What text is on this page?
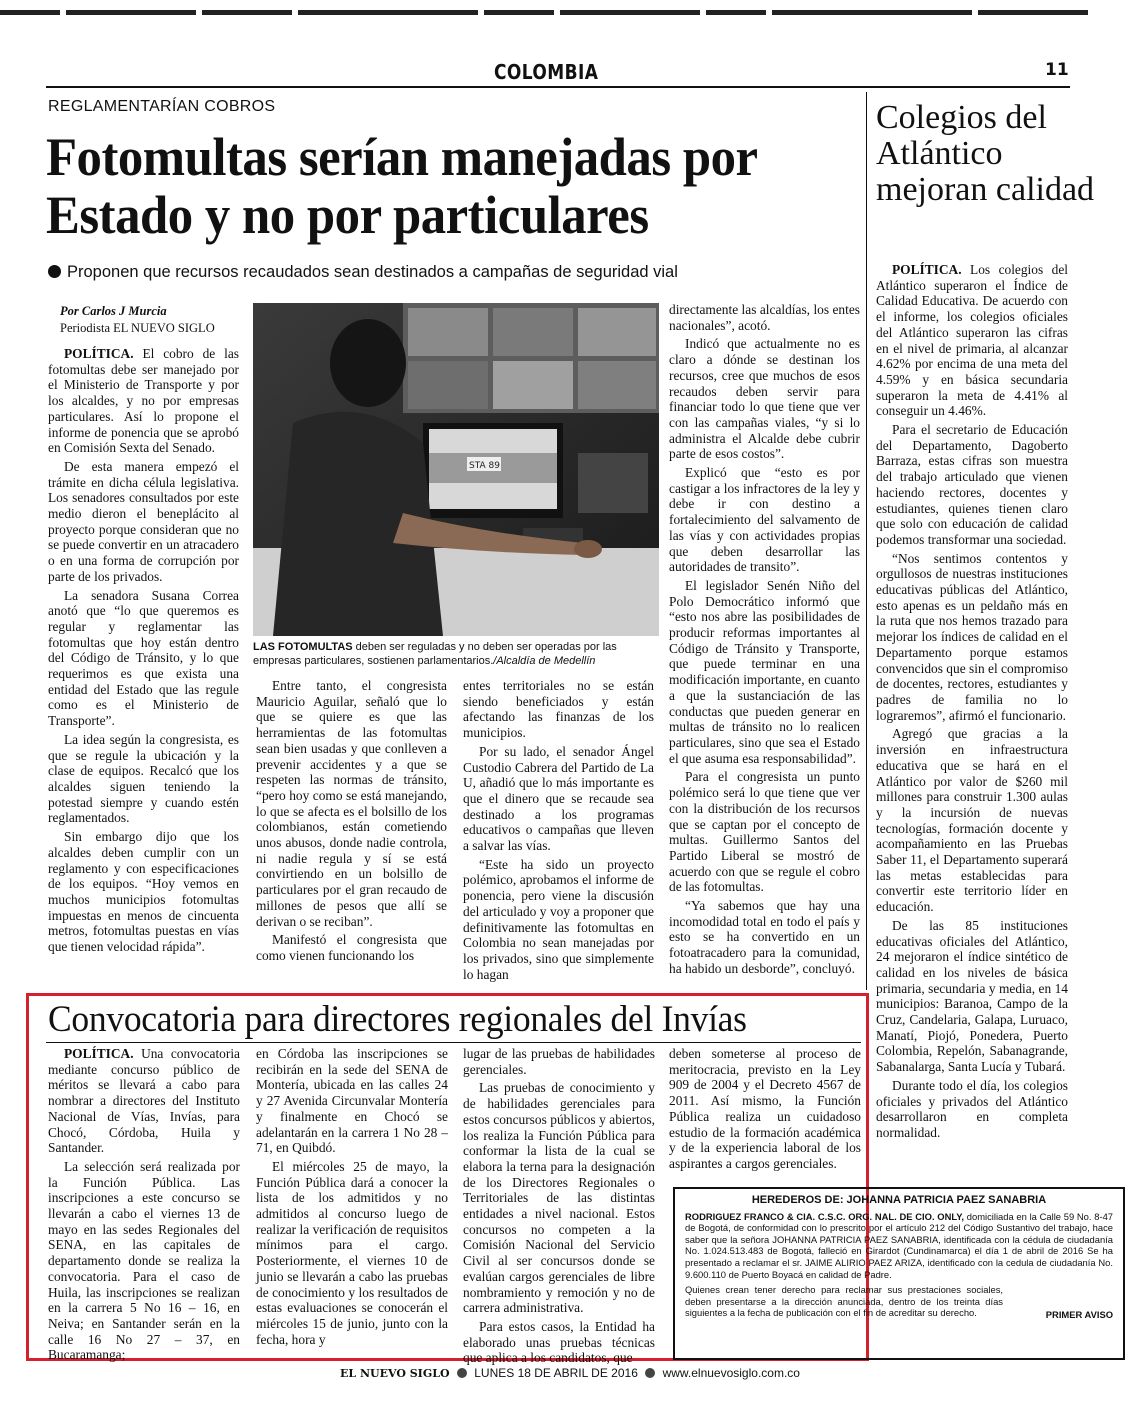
COLOMBIA	11
REGLAMENTARÍAN COBROS
Fotomultas serían manejadas por Estado y no por particulares
Proponen que recursos recaudados sean destinados a campañas de seguridad vial
Por Carlos J Murcia
Periodista EL NUEVO SIGLO

POLÍTICA. El cobro de las fotomultas debe ser manejado por el Ministerio de Transporte y por los alcaldes, y no por empresas particulares. Así lo propone el informe de ponencia que se aprobó en Comisión Sexta del Senado.

De esta manera empezó el trámite en dicha célula legislativa. Los senadores consultados por este medio dieron el beneplácito al proyecto porque consideran que no se puede convertir en un atracadero o en una forma de corrupción por parte de los privados.

La senadora Susana Correa anotó que “lo que queremos es regular y reglamentar las fotomultas que hoy están dentro del Código de Tránsito, y lo que requerimos es que exista una entidad del Estado que las regule como es el Ministerio de Transporte”.

La idea según la congresista, es que se regule la ubicación y la clase de equipos. Recalcó que los alcaldes siguen teniendo la potestad siempre y cuando estén reglamentados.

Sin embargo dijo que los alcaldes deben cumplir con un reglamento y con especificaciones de los equipos. “Hoy vemos en muchos municipios fotomultas impuestas en menos de cincuenta metros, fotomultas puestas en vías que tienen velocidad rápida”.

STA 89
LAS FOTOMULTAS deben ser reguladas y no deben ser operadas por las empresas particulares, sostienen parlamentarios./Alcaldía de Medellín

Entre tanto, el congresista Mauricio Aguilar, señaló que lo que se quiere es que las herramientas de las fotomultas sean bien usadas y que conlleven a prevenir accidentes y a que se respeten las normas de tránsito, “pero hoy como se está manejando, lo que se afecta es el bolsillo de los colombianos, están cometiendo unos abusos, donde nadie controla, ni nadie regula y sí se está convirtiendo en un bolsillo de particulares por el gran recaudo de millones de pesos que allí se derivan o se reciban”.

Manifestó el congresista que como vienen funcionando los

entes territoriales no se están siendo beneficiados y están afectando las finanzas de los municipios.

Por su lado, el senador Ángel Custodio Cabrera del Partido de La U, añadió que lo más importante es que el dinero que se recaude sea destinado a los programas educativos o campañas que lleven a salvar las vías.

“Este ha sido un proyecto polémico, aprobamos el informe de ponencia, pero viene la discusión del articulado y voy a proponer que definitivamente las fotomultas en Colombia no sean manejadas por los privados, sino que simplemente lo hagan

directamente las alcaldías, los entes nacionales”, acotó.

Indicó que actualmente no es claro a dónde se destinan los recursos, cree que muchos de esos recaudos deben servir para financiar todo lo que tiene que ver con las campañas viales, “y si lo administra el Alcalde debe cubrir parte de esos costos”.

Explicó que “esto es por castigar a los infractores de la ley y debe ir con destino a fortalecimiento del salvamento de las vías y con actividades propias que deben desarrollar las autoridades de transito”.

El legislador Senén Niño del Polo Democrático informó que “esto nos abre las posibilidades de producir reformas importantes al Código de Tránsito y Transporte, que puede terminar en una modificación importante, en cuanto a que la sustanciación de las conductas que pueden generar en multas de tránsito no lo realicen particulares, sino que sea el Estado el que asuma esa responsabilidad”.

Para el congresista un punto polémico será lo que tiene que ver con la distribución de los recursos que se captan por el concepto de multas. Guillermo Santos del Partido Liberal se mostró de acuerdo con que se regule el cobro de las fotomultas.

“Ya sabemos que hay una incomodidad total en todo el país y esto se ha convertido en un fotoatracadero para la comunidad, ha habido un desborde”, concluyó.

Colegios del Atlántico mejoran calidad

POLÍTICA. Los colegios del Atlántico superaron el Índice de Calidad Educativa. De acuerdo con el informe, los colegios oficiales del Atlántico superaron las cifras en el nivel de primaria, al alcanzar 4.62% por encima de una meta del 4.59% y en básica secundaria superaron la meta de 4.41% al conseguir un 4.46%.

Para el secretario de Educación del Departamento, Dagoberto Barraza, estas cifras son muestra del trabajo articulado que vienen haciendo rectores, docentes y estudiantes, quienes tienen claro que solo con educación de calidad podemos transformar una sociedad.

“Nos sentimos contentos y orgullosos de nuestras instituciones educativas públicas del Atlántico, esto apenas es un peldaño más en la ruta que nos hemos trazado para mejorar los índices de calidad en el Departamento porque estamos convencidos que sin el compromiso de docentes, rectores, estudiantes y padres de familia no lo lograremos”, afirmó el funcionario.

Agregó que gracias a la inversión en infraestructura educativa que se hará en el Atlántico por valor de $260 mil millones para construir 1.300 aulas y la incursión de nuevas tecnologías, formación docente y acompañamiento en las Pruebas Saber 11, el Departamento superará las metas establecidas para convertir este territorio líder en educación.

De las 85 instituciones educativas oficiales del Atlántico, 24 mejoraron el índice sintético de calidad en los niveles de básica primaria, secundaria y media, en 14 municipios: Baranoa, Campo de la Cruz, Candelaria, Galapa, Luruaco, Manatí, Piojó, Ponedera, Puerto Colombia, Repelón, Sabanagrande, Sabanalarga, Santa Lucía y Tubará.

Durante todo el día, los colegios oficiales y privados del Atlántico desarrollaron en completa normalidad.

Convocatoria para directores regionales del Invías

POLÍTICA. Una convocatoria mediante concurso público de méritos se llevará a cabo para nombrar a directores del Instituto Nacional de Vías, Invías, para Chocó, Córdoba, Huila y Santander.

La selección será realizada por la Función Pública. Las inscripciones a este concurso se llevarán a cabo el viernes 13 de mayo en las sedes Regionales del SENA, en las capitales de departamento donde se realiza la convocatoria. Para el caso de Huila, las inscripciones se realizan en la carrera 5 No 16 – 16, en Neiva; en Santander serán en la calle 16 No 27 – 37, en Bucaramanga;

en Córdoba las inscripciones se recibirán en la sede del SENA de Montería, ubicada en las calles 24 y 27 Avenida Circunvalar Montería y finalmente en Chocó se adelantarán en la carrera 1 No 28 – 71, en Quibdó.

El miércoles 25 de mayo, la Función Pública dará a conocer la lista de los admitidos y no admitidos al concurso luego de realizar la verificación de requisitos mínimos para el cargo. Posteriormente, el viernes 10 de junio se llevarán a cabo las pruebas de conocimiento y los resultados de estas evaluaciones se conocerán el miércoles 15 de junio, junto con la fecha, hora y

lugar de las pruebas de habilidades gerenciales.

Las pruebas de conocimiento y de habilidades gerenciales para estos concursos públicos y abiertos, los realiza la Función Pública para conformar la lista de la cual se elabora la terna para la designación de los Directores Regionales o Territoriales de las distintas entidades a nivel nacional. Estos concursos no competen a la Comisión Nacional del Servicio Civil al ser concursos donde se evalúan cargos gerenciales de libre nombramiento y remoción y no de carrera administrativa.

Para estos casos, la Entidad ha elaborado unas pruebas técnicas que aplica a los candidatos, que

deben someterse al proceso de meritocracia, previsto en la Ley 909 de 2004 y el Decreto 4567 de 2011. Así mismo, la Función Pública realiza un cuidadoso estudio de la formación académica y de la experiencia laboral de los aspirantes a cargos gerenciales.

HEREDEROS DE: JOHANNA PATRICIA PAEZ SANABRIA

RODRIGUEZ FRANCO & CIA. C.S.C. ORG. NAL. DE CIO. ONLY, domiciliada en la Calle 59 No. 8-47 de Bogotá, de conformidad con lo prescrito por el artículo 212 del Código Sustantivo del trabajo, hace saber que la señora JOHANNA PATRICIA PAEZ SANABRIA, identificada con la cédula de ciudadanía No. 1.024.513.483 de Bogotá, falleció en Girardot (Cundinamarca) el día 1 de abril de 2016 Se ha presentado a reclamar el sr. JAIME ALIRIO PAEZ ARIZA, identificado con la cedula de ciudadanía No. 9.600.110 de Puerto Boyacá en calidad de Padre.

Quienes crean tener derecho para reclamar sus prestaciones sociales, deben presentarse a la dirección anunciada, dentro de los treinta días siguientes a la fecha de publicación con el fin de acreditar su derecho.	PRIMER AVISO
EL NUEVO SIGLO LUNES 18 DE ABRIL DE 2016 www.elnuevosiglo.com.co
